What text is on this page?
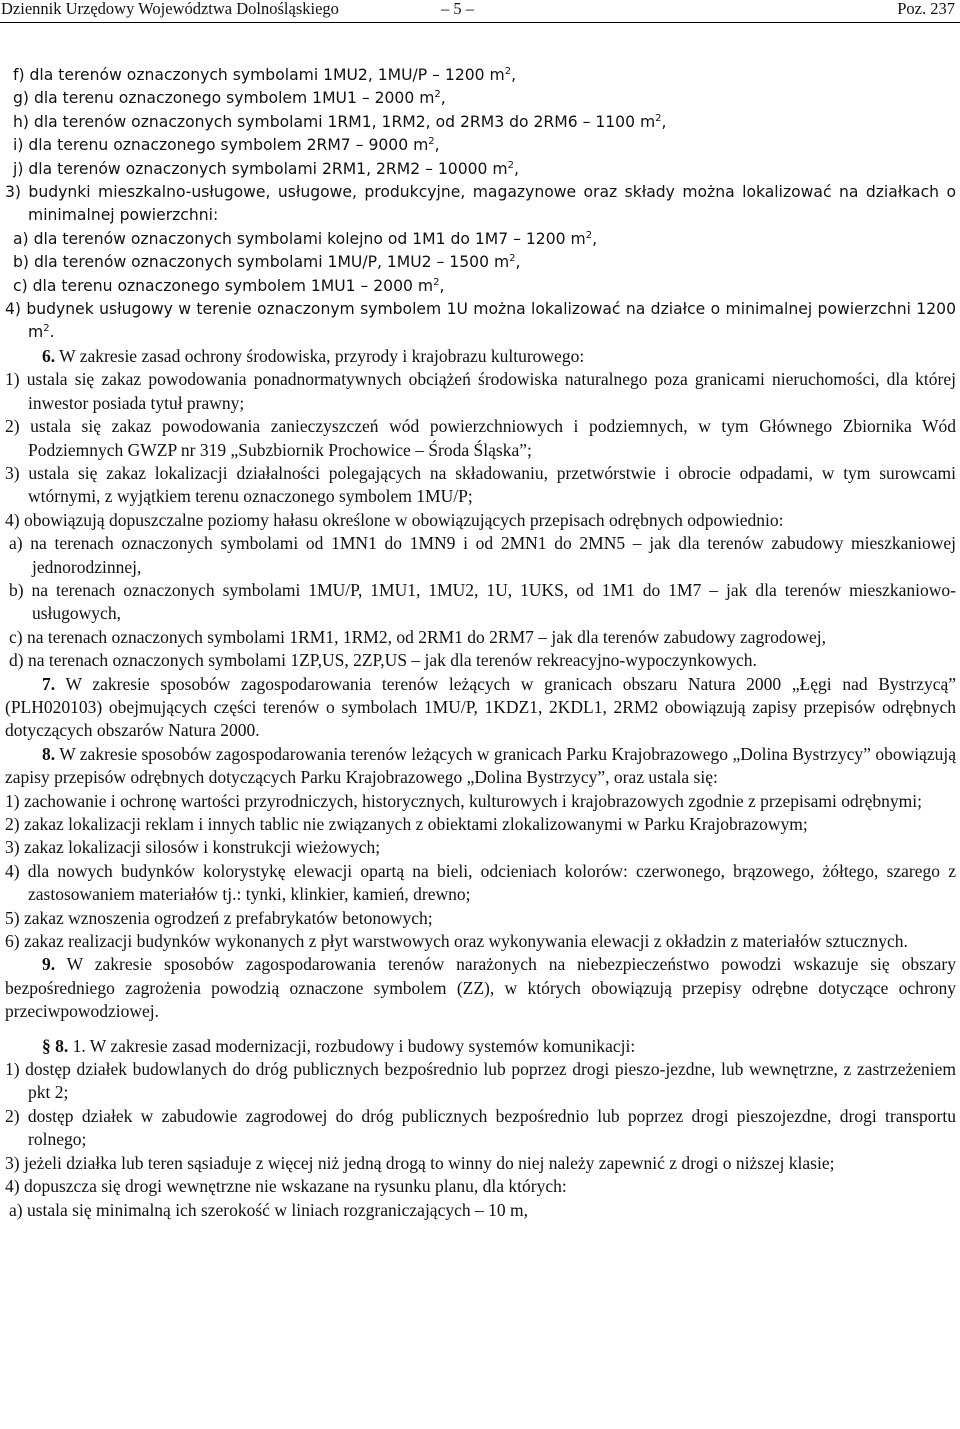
Dziennik Urzędowy Województwa Dolnośląskiego	– 5 –	Poz. 237

f) dla terenów oznaczonych symbolami 1MU2, 1MU/P – 1200 $m^2$,

g) dla terenu oznaczonego symbolem 1MU1 – 2000 $m^2$,

h) dla terenów oznaczonych symbolami 1RM1, 1RM2, od 2RM3 do 2RM6 – 1100 $m^2$,

i) dla terenu oznaczonego symbolem 2RM7 – 9000 $m^2$,

j) dla terenów oznaczonych symbolami 2RM1, 2RM2 – 10000 $m^2$,

3) budynki mieszkalno-usługowe, usługowe, produkcyjne, magazynowe oraz składy można lokalizować na działkach o minimalnej powierzchni:

a) dla terenów oznaczonych symbolami kolejno od 1M1 do 1M7 – 1200 $m^2$,

b) dla terenów oznaczonych symbolami 1MU/P, 1MU2 – 1500 $m^2$,

c) dla terenu oznaczonego symbolem 1MU1 – 2000 $m^2$,

4) budynek usługowy w terenie oznaczonym symbolem 1U można lokalizować na działce o minimalnej powierzchni 1200 $m^2$.

6. W zakresie zasad ochrony środowiska, przyrody i krajobrazu kulturowego:

1) ustala się zakaz powodowania ponadnormatywnych obciążeń środowiska naturalnego poza granicami nieruchomości, dla której inwestor posiada tytuł prawny;

2) ustala się zakaz powodowania zanieczyszczeń wód powierzchniowych i podziemnych, w tym Głównego Zbiornika Wód Podziemnych GWZP nr 319 „Subzbiornik Prochowice – Środa Śląska”;

3) ustala się zakaz lokalizacji działalności polegających na składowaniu, przetwórstwie i obrocie odpadami, w tym surowcami wtórnymi, z wyjątkiem terenu oznaczonego symbolem 1MU/P;

4) obowiązują dopuszczalne poziomy hałasu określone w obowiązujących przepisach odrębnych odpowiednio:

a) na terenach oznaczonych symbolami od 1MN1 do 1MN9 i od 2MN1 do 2MN5 – jak dla terenów zabudowy mieszkaniowej jednorodzinnej,

b) na terenach oznaczonych symbolami 1MU/P, 1MU1, 1MU2, 1U, 1UKS, od 1M1 do 1M7 – jak dla terenów mieszkaniowo-usługowych,

c) na terenach oznaczonych symbolami 1RM1, 1RM2, od 2RM1 do 2RM7 – jak dla terenów zabudowy zagrodowej,

d) na terenach oznaczonych symbolami 1ZP,US, 2ZP,US – jak dla terenów rekreacyjno-wypoczynkowych.

7. W zakresie sposobów zagospodarowania terenów leżących w granicach obszaru Natura 2000 „Łęgi nad Bystrzycą” (PLH020103) obejmujących części terenów o symbolach 1MU/P, 1KDZ1, 2KDL1, 2RM2 obowiązują zapisy przepisów odrębnych dotyczących obszarów Natura 2000.

8. W zakresie sposobów zagospodarowania terenów leżących w granicach Parku Krajobrazowego „Dolina Bystrzycy” obowiązują zapisy przepisów odrębnych dotyczących Parku Krajobrazowego „Dolina Bystrzycy”, oraz ustala się:

1) zachowanie i ochronę wartości przyrodniczych, historycznych, kulturowych i krajobrazowych zgodnie z przepisami odrębnymi;

2) zakaz lokalizacji reklam i innych tablic nie związanych z obiektami zlokalizowanymi w Parku Krajobrazowym;

3) zakaz lokalizacji silosów i konstrukcji wieżowych;

4) dla nowych budynków kolorystykę elewacji opartą na bieli, odcieniach kolorów: czerwonego, brązowego, żółtego, szarego z zastosowaniem materiałów tj.: tynki, klinkier, kamień, drewno;

5) zakaz wznoszenia ogrodzeń z prefabrykatów betonowych;

6) zakaz realizacji budynków wykonanych z płyt warstwowych oraz wykonywania elewacji z okładzin z materiałów sztucznych.

9. W zakresie sposobów zagospodarowania terenów narażonych na niebezpieczeństwo powodzi wskazuje się obszary bezpośredniego zagrożenia powodzią oznaczone symbolem (ZZ), w których obowiązują przepisy odrębne dotyczące ochrony przeciwpowodziowej.

§ 8. 1. W zakresie zasad modernizacji, rozbudowy i budowy systemów komunikacji:

1) dostęp działek budowlanych do dróg publicznych bezpośrednio lub poprzez drogi pieszo-jezdne, lub wewnętrzne, z zastrzeżeniem pkt 2;

2) dostęp działek w zabudowie zagrodowej do dróg publicznych bezpośrednio lub poprzez drogi pieszojezdne, drogi transportu rolnego;

3) jeżeli działka lub teren sąsiaduje z więcej niż jedną drogą to winny do niej należy zapewnić z drogi o niższej klasie;

4) dopuszcza się drogi wewnętrzne nie wskazane na rysunku planu, dla których:

a) ustala się minimalną ich szerokość w liniach rozgraniczających – 10 m,
